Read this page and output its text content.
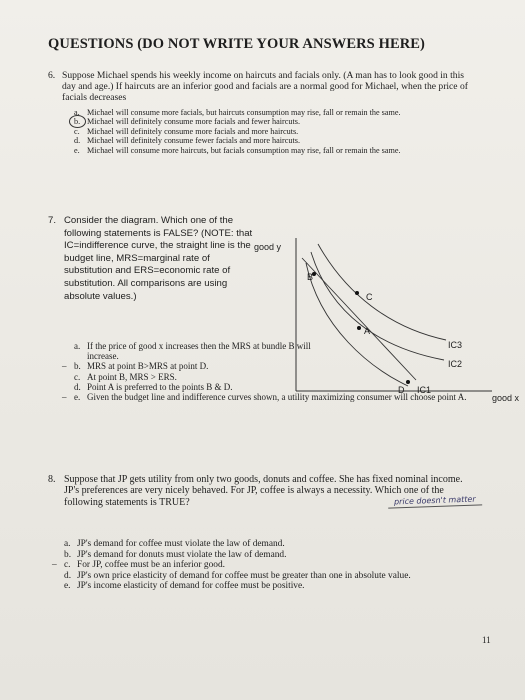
QUESTIONS (DO NOT WRITE YOUR ANSWERS HERE)
6. Suppose Michael spends his weekly income on haircuts and facials only. (A man has to look good in this day and age.) If haircuts are an inferior good and facials are a normal good for Michael, when the price of facials decreases
a. Michael will consume more facials, but haircuts consumption may rise, fall or remain the same.
b. Michael will definitely consume more facials and fewer haircuts.
c. Michael will definitely consume more facials and more haircuts.
d. Michael will definitely consume fewer facials and more haircuts.
e. Michael will consume more haircuts, but facials consumption may rise, fall or remain the same.
7. Consider the diagram. Which one of the following statements is FALSE? (NOTE: that IC=indifference curve, the straight line is the budget line, MRS=marginal rate of substitution and ERS=economic rate of substitution. All comparisons are using absolute values.)
good y
good x
B
C
A
D IC1
IC2
IC3
a. If the price of good x increases then the MRS at bundle B will increase.
– b. MRS at point B>MRS at point D.
c. At point B, MRS > ERS.
d. Point A is preferred to the points B & D.
– e. Given the budget line and indifference curves shown, a utility maximizing consumer will choose point A.
8. Suppose that JP gets utility from only two goods, donuts and coffee. She has fixed nominal income. JP's preferences are very nicely behaved. For JP, coffee is always a necessity. Which one of the following statements is TRUE?	price doesn't matter
a. JP's demand for coffee must violate the law of demand.
b. JP's demand for donuts must violate the law of demand.
– c. For JP, coffee must be an inferior good.
d. JP's own price elasticity of demand for coffee must be greater than one in absolute value.
e. JP's income elasticity of demand for coffee must be positive.
11
